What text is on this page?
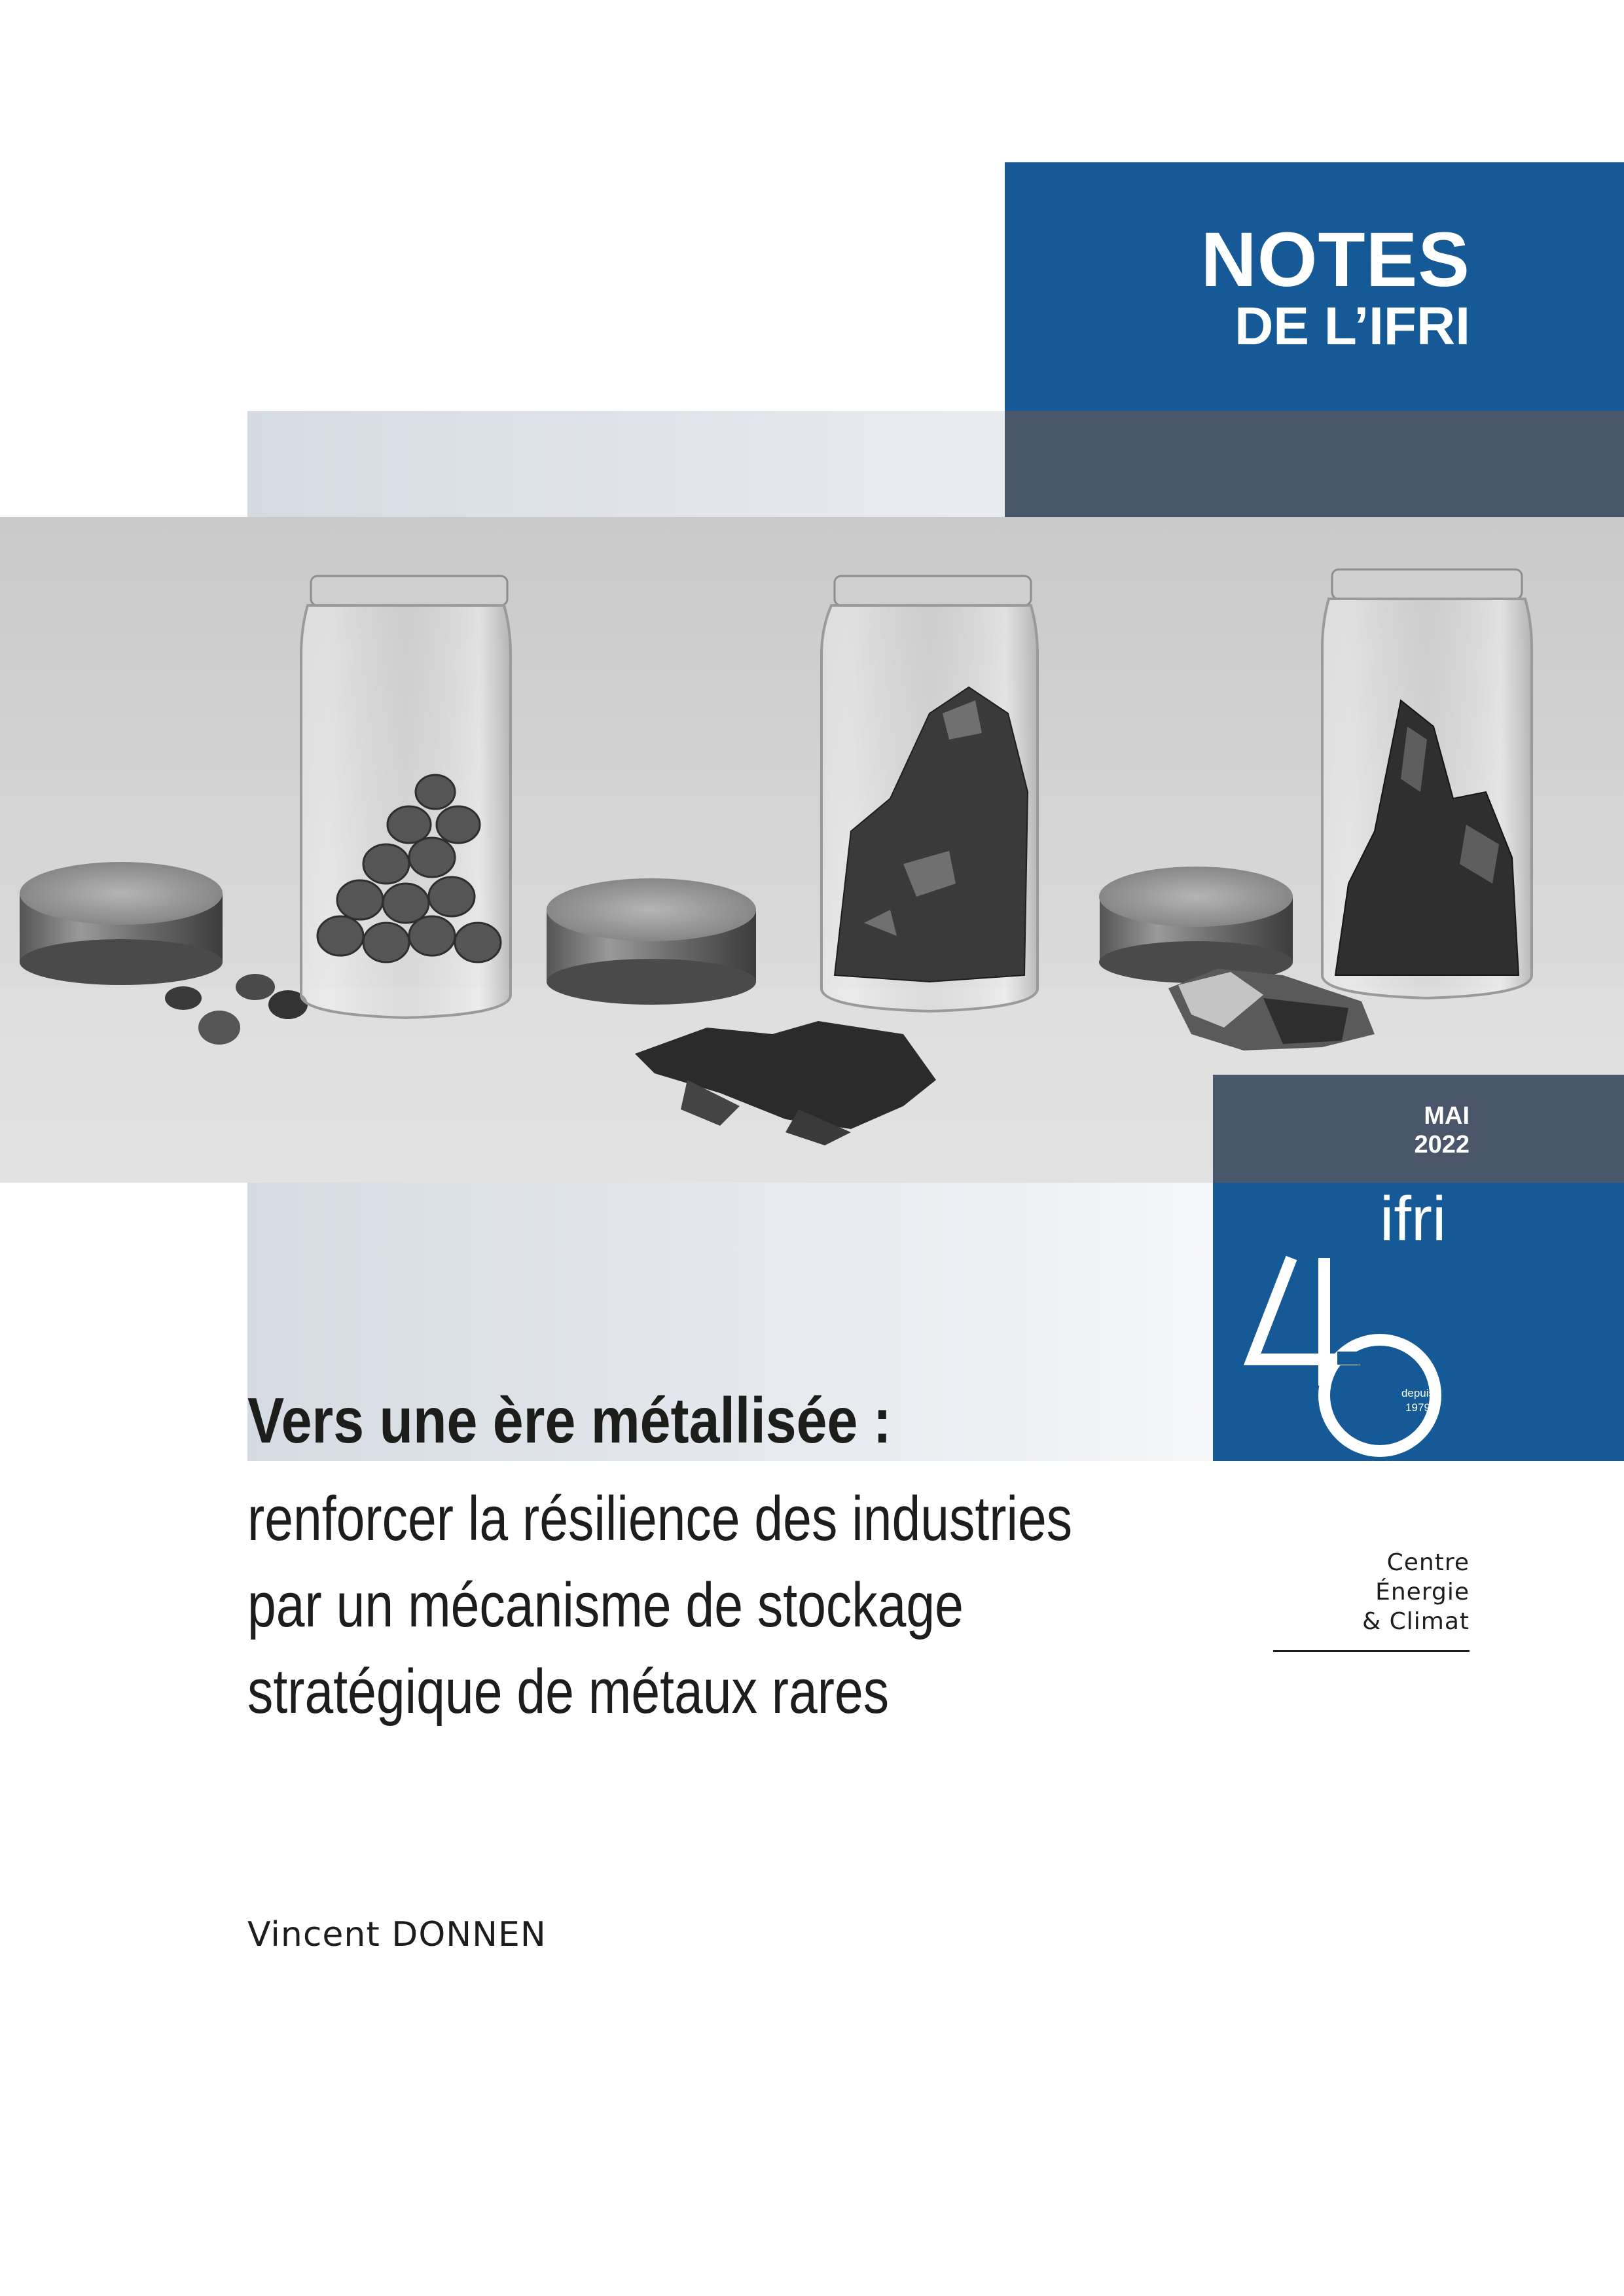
NOTES
DE L’IFRI
MAI
2022
ifri
depuis
1979
Vers une ère métallisée :
renforcer la résilience des industries
par un mécanisme de stockage
stratégique de métaux rares
Centre
Énergie
& Climat
Vincent DONNEN
